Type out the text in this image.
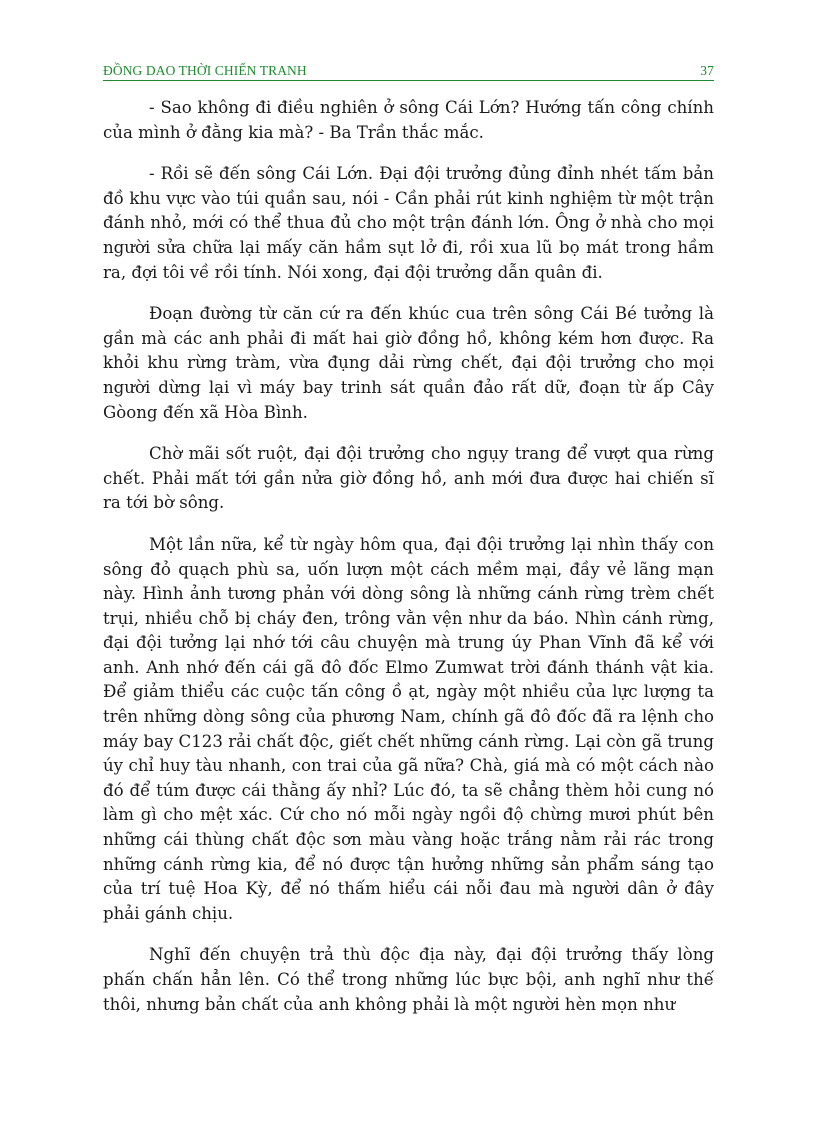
ĐỒNG DAO THỜI CHIẾN TRANH	37

- Sao không đi điều nghiên ở sông Cái Lớn? Hướng tấn công chính của mình ở đằng kia mà? - Ba Trần thắc mắc.

- Rồi sẽ đến sông Cái Lớn. Đại đội trưởng đủng đỉnh nhét tấm bản đồ khu vực vào túi quần sau, nói - Cần phải rút kinh nghiệm từ một trận đánh nhỏ, mới có thể thua đủ cho một trận đánh lớn. Ông ở nhà cho mọi người sửa chữa lại mấy căn hầm sụt lở đi, rồi xua lũ bọ mát trong hầm ra, đợi tôi về rồi tính. Nói xong, đại đội trưởng dẫn quân đi.

Đoạn đường từ căn cứ ra đến khúc cua trên sông Cái Bé tưởng là gần mà các anh phải đi mất hai giờ đồng hồ, không kém hơn được. Ra khỏi khu rừng tràm, vừa đụng dải rừng chết, đại đội trưởng cho mọi người dừng lại vì máy bay trinh sát quần đảo rất dữ, đoạn từ ấp Cây Gòong đến xã Hòa Bình.

Chờ mãi sốt ruột, đại đội trưởng cho ngụy trang để vượt qua rừng chết. Phải mất tới gần nửa giờ đồng hồ, anh mới đưa được hai chiến sĩ ra tới bờ sông.

Một lần nữa, kể từ ngày hôm qua, đại đội trưởng lại nhìn thấy con sông đỏ quạch phù sa, uốn lượn một cách mềm mại, đầy vẻ lãng mạn này. Hình ảnh tương phản với dòng sông là những cánh rừng trèm chết trụi, nhiều chỗ bị cháy đen, trông vằn vện như da báo. Nhìn cánh rừng, đại đội tưởng lại nhớ tới câu chuyện mà trung úy Phan Vĩnh đã kể với anh. Anh nhớ đến cái gã đô đốc Elmo Zumwat trời đánh thánh vật kia. Để giảm thiểu các cuộc tấn công ồ ạt, ngày một nhiều của lực lượng ta trên những dòng sông của phương Nam, chính gã đô đốc đã ra lệnh cho máy bay C123 rải chất độc, giết chết những cánh rừng. Lại còn gã trung úy chỉ huy tàu nhanh, con trai của gã nữa? Chà, giá mà có một cách nào đó để túm được cái thằng ấy nhỉ? Lúc đó, ta sẽ chẳng thèm hỏi cung nó làm gì cho mệt xác. Cứ cho nó mỗi ngày ngồi độ chừng mươi phút bên những cái thùng chất độc sơn màu vàng hoặc trắng nằm rải rác trong những cánh rừng kia, để nó được tận hưởng những sản phẩm sáng tạo của trí tuệ Hoa Kỳ, để nó thấm hiểu cái nỗi đau mà người dân ở đây phải gánh chịu.

Nghĩ đến chuyện trả thù độc địa này, đại đội trưởng thấy lòng phấn chấn hẳn lên. Có thể trong những lúc bực bội, anh nghĩ như thế thôi, nhưng bản chất của anh không phải là một người hèn mọn như
